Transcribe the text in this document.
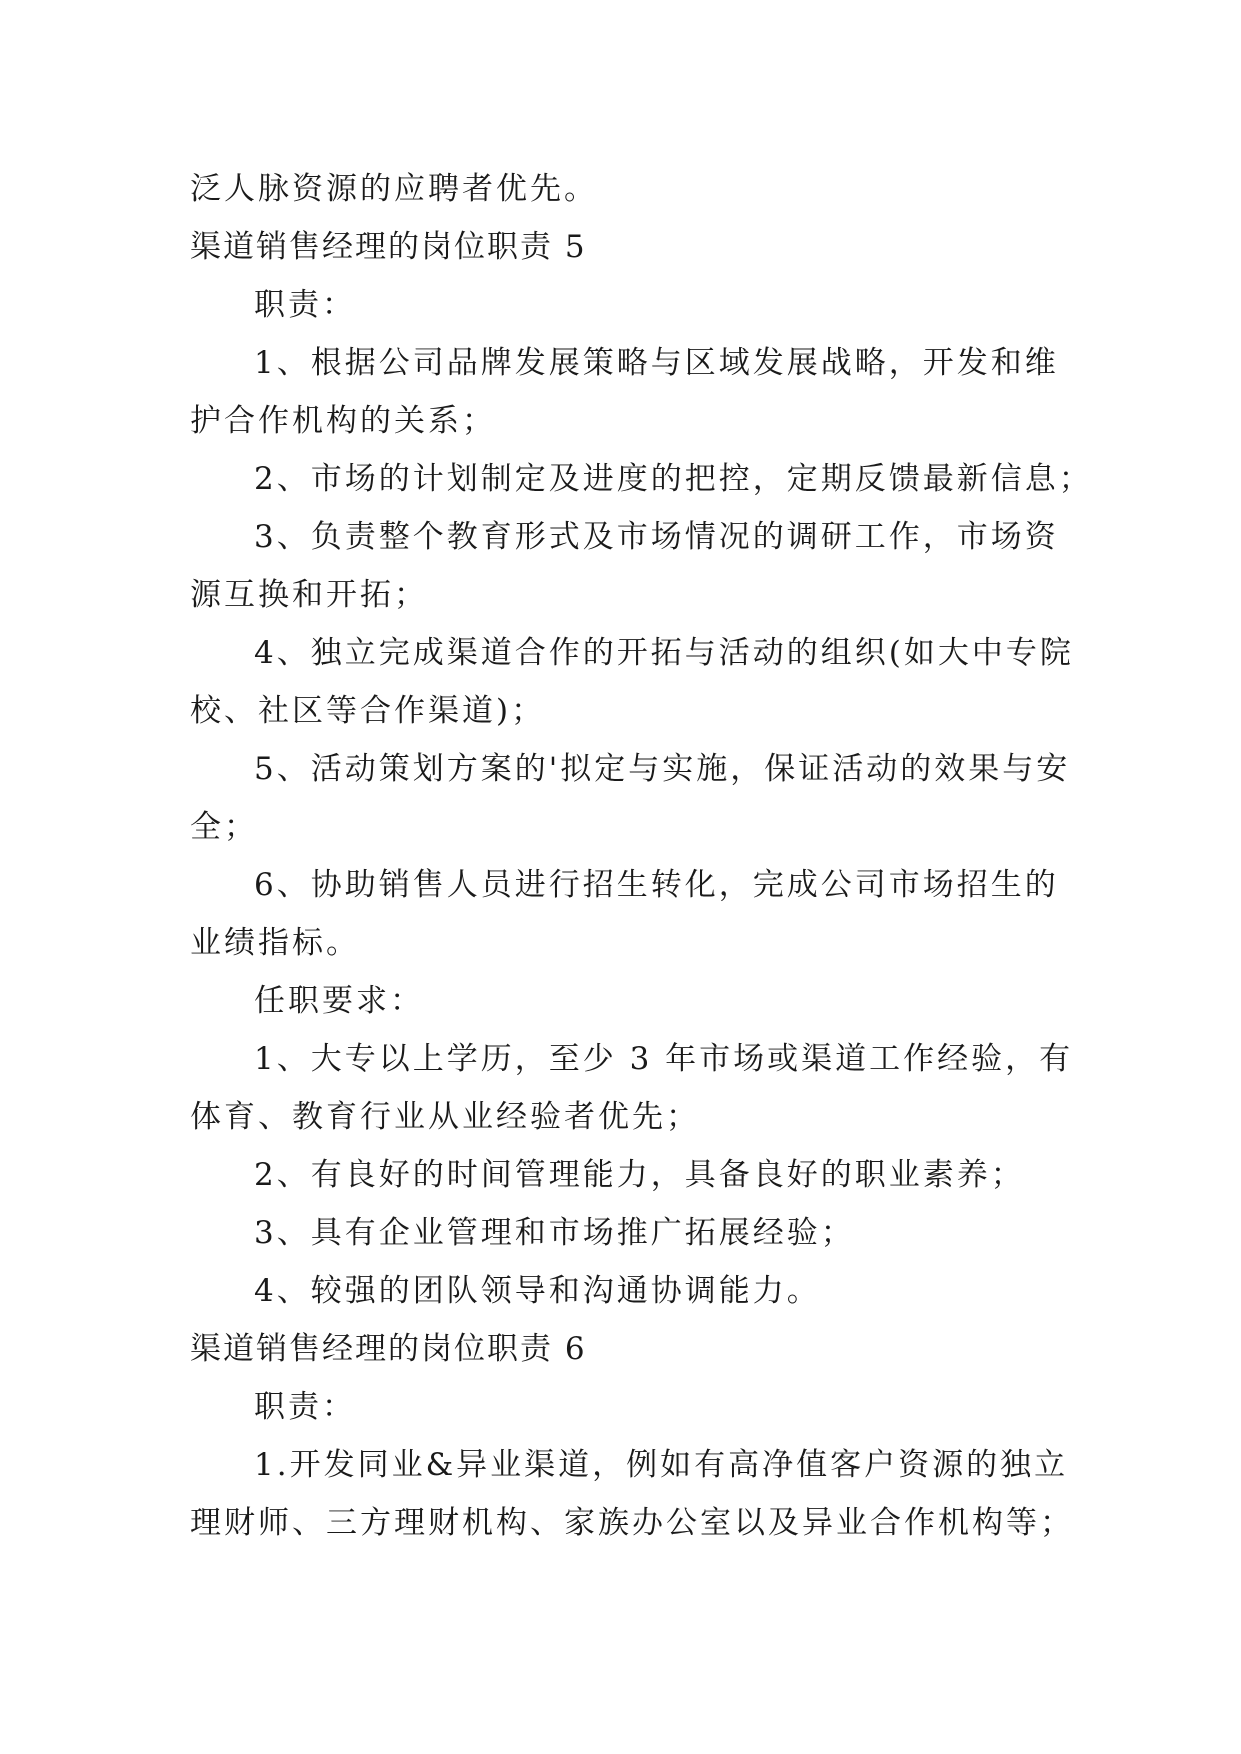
泛人脉资源的应聘者优先。
渠道销售经理的岗位职责 5
职责：
1、根据公司品牌发展策略与区域发展战略，开发和维
护合作机构的关系；
2、市场的计划制定及进度的把控，定期反馈最新信息；
3、负责整个教育形式及市场情况的调研工作，市场资
源互换和开拓；
4、独立完成渠道合作的开拓与活动的组织(如大中专院
校、社区等合作渠道)；
5、活动策划方案的'拟定与实施，保证活动的效果与安
全；
6、协助销售人员进行招生转化，完成公司市场招生的
业绩指标。
任职要求：
1、大专以上学历，至少 3 年市场或渠道工作经验，有
体育、教育行业从业经验者优先；
2、有良好的时间管理能力，具备良好的职业素养；
3、具有企业管理和市场推广拓展经验；
4、较强的团队领导和沟通协调能力。
渠道销售经理的岗位职责 6
职责：
1.开发同业&异业渠道，例如有高净值客户资源的独立
理财师、三方理财机构、家族办公室以及异业合作机构等；
